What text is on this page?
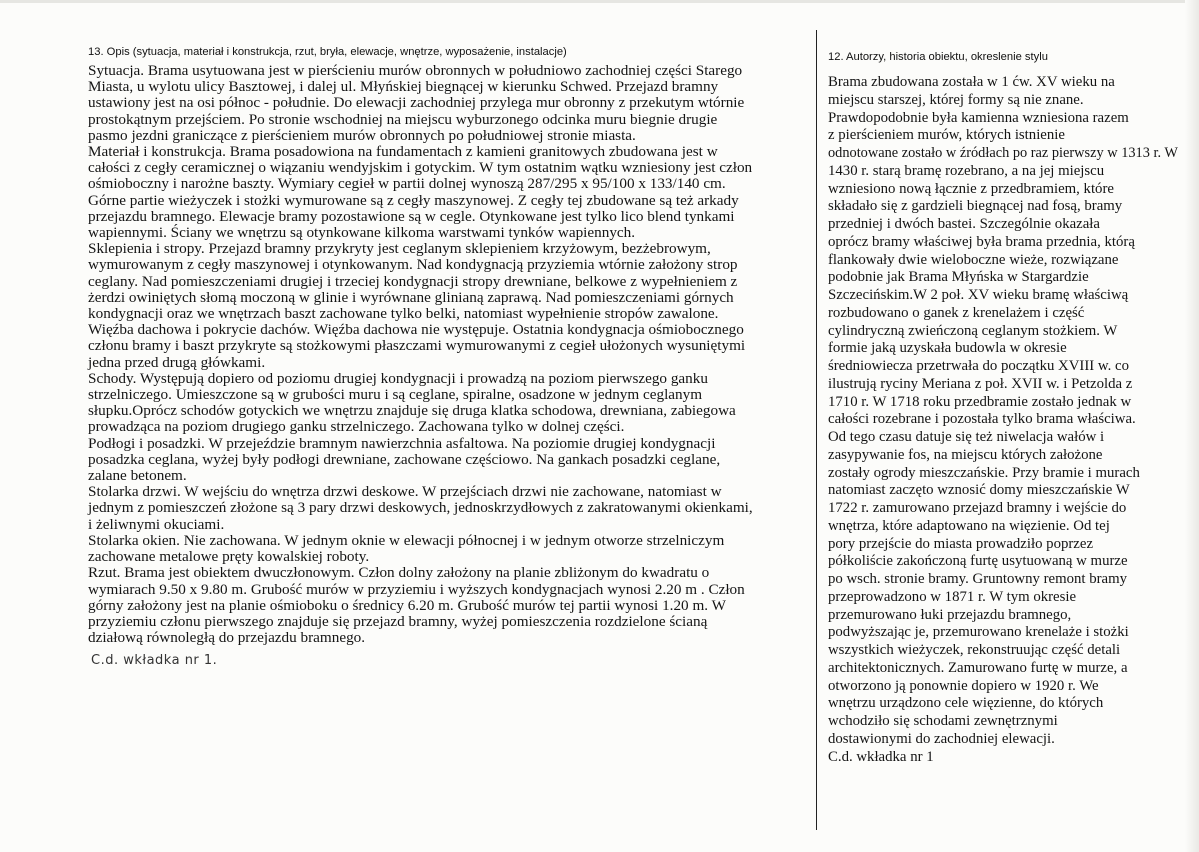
13. Opis (sytuacja, materiał i konstrukcja, rzut, bryła, elewacje, wnętrze, wyposażenie, instalacje)
Sytuacja. Brama usytuowana jest w pierścieniu murów obronnych w południowo zachodniej części Starego
Miasta, u wylotu ulicy Basztowej, i dalej ul. Młyńskiej biegnącej w kierunku Schwed. Przejazd bramny
ustawiony jest na osi północ - południe. Do elewacji zachodniej przylega mur obronny z przekutym wtórnie
prostokątnym przejściem. Po stronie wschodniej na miejscu wyburzonego odcinka muru biegnie drugie
pasmo jezdni graniczące z pierścieniem murów obronnych po południowej stronie miasta.
Materiał i konstrukcja. Brama posadowiona na fundamentach z kamieni granitowych zbudowana jest w
całości z cegły ceramicznej o wiązaniu wendyjskim i gotyckim. W tym ostatnim wątku wzniesiony jest człon
ośmioboczny i narożne baszty. Wymiary cegieł w partii dolnej wynoszą 287/295 x 95/100 x 133/140 cm.
Górne partie wieżyczek i stożki wymurowane są z cegły maszynowej. Z cegły tej zbudowane są też arkady
przejazdu bramnego. Elewacje bramy pozostawione są w cegle. Otynkowane jest tylko lico blend tynkami
wapiennymi. Ściany we wnętrzu są otynkowane kilkoma warstwami tynków wapiennych.
Sklepienia i stropy. Przejazd bramny przykryty jest ceglanym sklepieniem krzyżowym, bezżebrowym,
wymurowanym z cegły maszynowej i otynkowanym. Nad kondygnacją przyziemia wtórnie założony strop
ceglany. Nad pomieszczeniami drugiej i trzeciej kondygnacji stropy drewniane, belkowe z wypełnieniem z
żerdzi owiniętych słomą moczoną w glinie i wyrównane glinianą zaprawą. Nad pomieszczeniami górnych
kondygnacji oraz we wnętrzach baszt zachowane tylko belki, natomiast wypełnienie stropów zawalone.
Więźba dachowa i pokrycie dachów. Więźba dachowa nie występuje. Ostatnia kondygnacja ośmiobocznego
członu bramy i baszt przykryte są stożkowymi płaszczami wymurowanymi z cegieł ułożonych wysuniętymi
jedna przed drugą główkami.
Schody. Występują dopiero od poziomu drugiej kondygnacji i prowadzą na poziom pierwszego ganku
strzelniczego. Umieszczone są w grubości muru i są ceglane, spiralne, osadzone w jednym ceglanym
słupku.Oprócz schodów gotyckich we wnętrzu znajduje się druga klatka schodowa, drewniana, zabiegowa
prowadząca na poziom drugiego ganku strzelniczego. Zachowana tylko w dolnej części.
Podłogi i posadzki. W przejeździe bramnym nawierzchnia asfaltowa. Na poziomie drugiej kondygnacji
posadzka ceglana, wyżej były podłogi drewniane, zachowane częściowo. Na gankach posadzki ceglane,
zalane betonem.
Stolarka drzwi. W wejściu do wnętrza drzwi deskowe. W przejściach drzwi nie zachowane, natomiast w
jednym z pomieszczeń złożone są 3 pary drzwi deskowych, jednoskrzydłowych z zakratowanymi okienkami,
i żeliwnymi okuciami.
Stolarka okien. Nie zachowana. W jednym oknie w elewacji północnej i w jednym otworze strzelniczym
zachowane metalowe pręty kowalskiej roboty.
Rzut. Brama jest obiektem dwuczłonowym. Człon dolny założony na planie zbliżonym do kwadratu o
wymiarach 9.50 x 9.80 m. Grubość murów w przyziemiu i wyższych kondygnacjach wynosi 2.20 m . Człon
górny założony jest na planie ośmioboku o średnicy 6.20 m. Grubość murów tej partii wynosi 1.20 m. W
przyziemiu członu pierwszego znajduje się przejazd bramny, wyżej pomieszczenia rozdzielone ścianą
działową równoległą do przejazdu bramnego.
C.d. wkładka nr 1.
12. Autorzy, historia obiektu, okreslenie stylu
Brama zbudowana została w 1 ćw. XV wieku na
miejscu starszej, której formy są nie znane.
Prawdopodobnie była kamienna wzniesiona razem
z pierścieniem murów, których istnienie
odnotowane zostało w źródłach po raz pierwszy w 1313 r. W
1430 r. starą bramę rozebrano, a na jej miejscu
wzniesiono nową łącznie z przedbramiem, które
składało się z gardzieli biegnącej nad fosą, bramy
przedniej i dwóch bastei. Szczególnie okazała
oprócz bramy właściwej była brama przednia, którą
flankowały dwie wieloboczne wieże, rozwiązane
podobnie jak Brama Młyńska w Stargardzie
Szczecińskim.W 2 poł. XV wieku bramę właściwą
rozbudowano o ganek z krenelażem i część
cylindryczną zwieńczoną ceglanym stożkiem. W
formie jaką uzyskała budowla w okresie
średniowiecza przetrwała do początku XVIII w. co
ilustrują ryciny Meriana z poł. XVII w. i Petzolda z
1710 r. W 1718 roku przedbramie zostało jednak w
całości rozebrane i pozostała tylko brama właściwa.
Od tego czasu datuje się też niwelacja wałów i
zasypywanie fos, na miejscu których założone
zostały ogrody mieszczańskie. Przy bramie i murach
natomiast zaczęto wznosić domy mieszczańskie W
1722 r. zamurowano przejazd bramny i wejście do
wnętrza, które adaptowano na więzienie. Od tej
pory przejście do miasta prowadziło poprzez
półkoliście zakończoną furtę usytuowaną w murze
po wsch. stronie bramy. Gruntowny remont bramy
przeprowadzono w 1871 r. W tym okresie
przemurowano łuki przejazdu bramnego,
podwyższając je, przemurowano krenelaże i stożki
wszystkich wieżyczek, rekonstruując część detali
architektonicznych. Zamurowano furtę w murze, a
otworzono ją ponownie dopiero w 1920 r. We
wnętrzu urządzono cele więzienne, do których
wchodziło się schodami zewnętrznymi
dostawionymi do zachodniej elewacji.
C.d. wkładka nr 1
